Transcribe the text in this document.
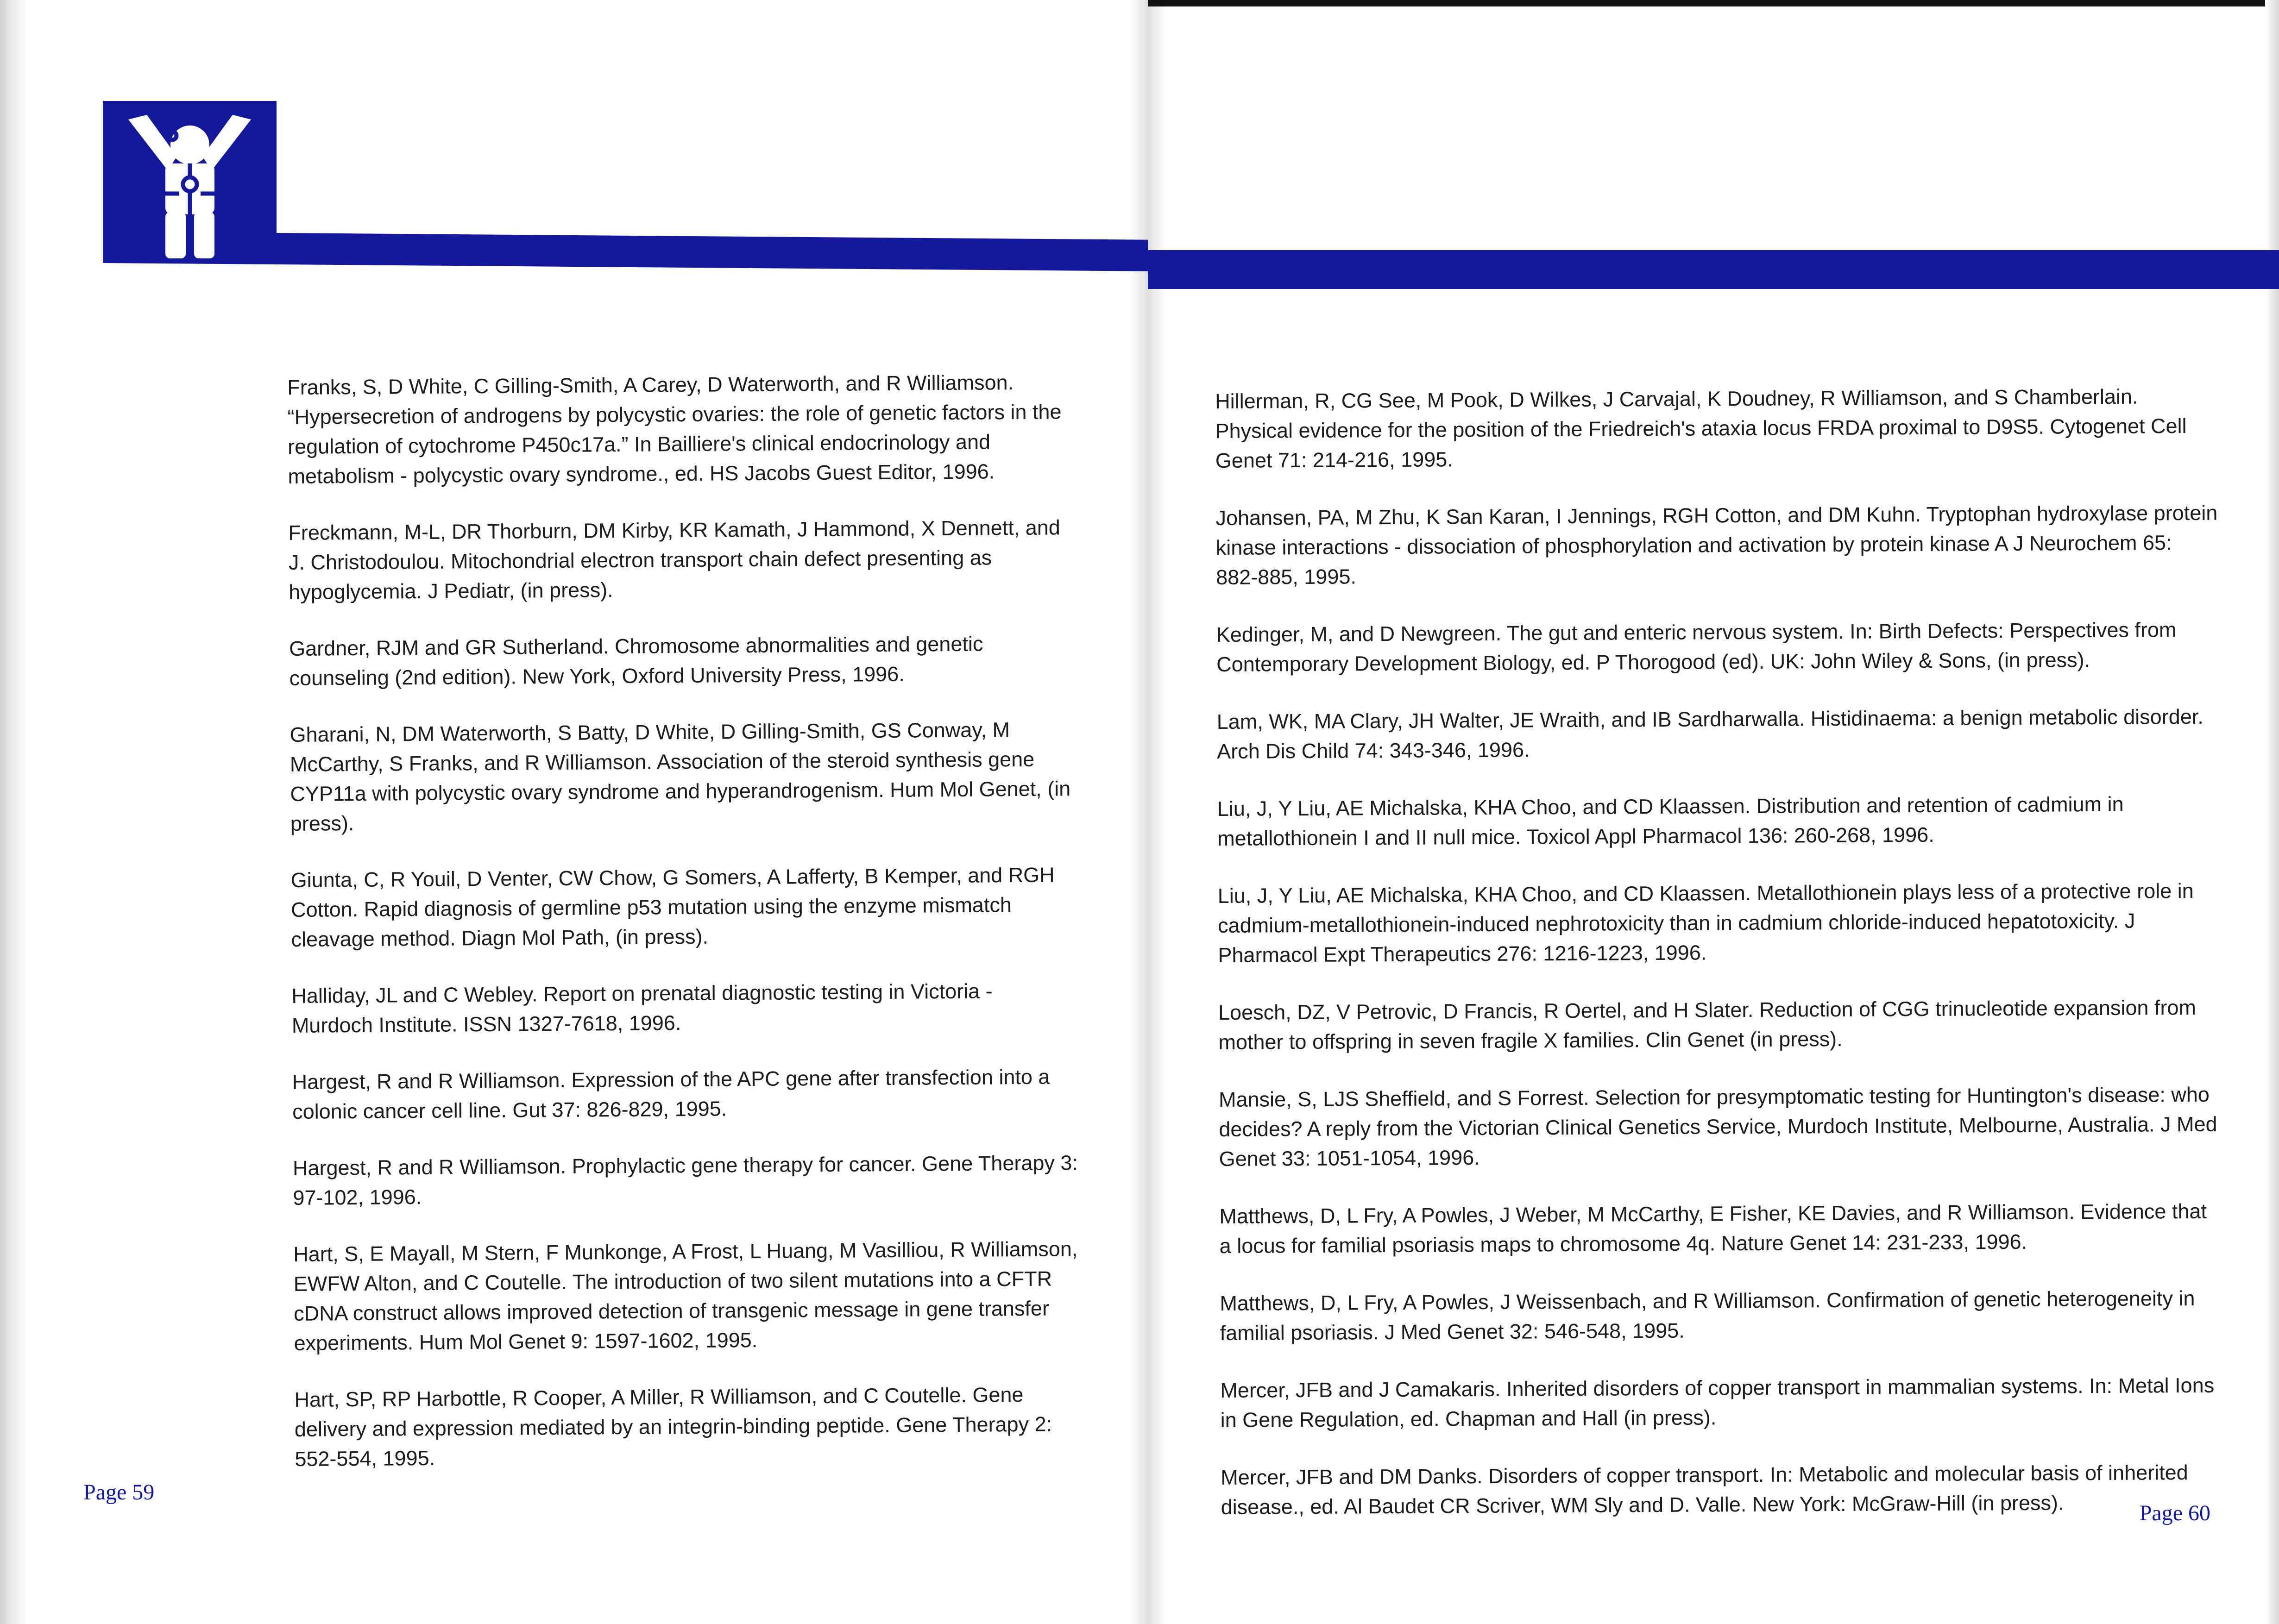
Franks, S, D White, C Gilling-Smith, A Carey, D Waterworth, and R Williamson. “Hypersecretion of androgens by polycystic ovaries: the role of genetic factors in the regulation of cytochrome P450c17a.” In Bailliere's clinical endocrinology and metabolism - polycystic ovary syndrome., ed. HS Jacobs Guest Editor, 1996.
Freckmann, M-L, DR Thorburn, DM Kirby, KR Kamath, J Hammond, X Dennett, and J. Christodoulou. Mitochondrial electron transport chain defect presenting as hypoglycemia. J Pediatr, (in press).
Gardner, RJM and GR Sutherland. Chromosome abnormalities and genetic counseling (2nd edition). New York, Oxford University Press, 1996.
Gharani, N, DM Waterworth, S Batty, D White, D Gilling-Smith, GS Conway, M McCarthy, S Franks, and R Williamson. Association of the steroid synthesis gene CYP11a with polycystic ovary syndrome and hyperandrogenism. Hum Mol Genet, (in press).
Giunta, C, R Youil, D Venter, CW Chow, G Somers, A Lafferty, B Kemper, and RGH Cotton. Rapid diagnosis of germline p53 mutation using the enzyme mismatch cleavage method. Diagn Mol Path, (in press).
Halliday, JL and C Webley. Report on prenatal diagnostic testing in Victoria - Murdoch Institute. ISSN 1327-7618, 1996.
Hargest, R and R Williamson. Expression of the APC gene after transfection into a colonic cancer cell line. Gut 37: 826-829, 1995.
Hargest, R and R Williamson. Prophylactic gene therapy for cancer. Gene Therapy 3: 97-102, 1996.
Hart, S, E Mayall, M Stern, F Munkonge, A Frost, L Huang, M Vasilliou, R Williamson, EWFW Alton, and C Coutelle. The introduction of two silent mutations into a CFTR cDNA construct allows improved detection of transgenic message in gene transfer experiments. Hum Mol Genet 9: 1597-1602, 1995.
Hart, SP, RP Harbottle, R Cooper, A Miller, R Williamson, and C Coutelle. Gene delivery and expression mediated by an integrin-binding peptide. Gene Therapy 2: 552-554, 1995.
Page 59
Hillerman, R, CG See, M Pook, D Wilkes, J Carvajal, K Doudney, R Williamson, and S Chamberlain. Physical evidence for the position of the Friedreich's ataxia locus FRDA proximal to D9S5. Cytogenet Cell Genet 71: 214-216, 1995.
Johansen, PA, M Zhu, K San Karan, I Jennings, RGH Cotton, and DM Kuhn. Tryptophan hydroxylase protein kinase interactions - dissociation of phosphorylation and activation by protein kinase A J Neurochem 65: 882-885, 1995.
Kedinger, M, and D Newgreen. The gut and enteric nervous system. In: Birth Defects: Perspectives from Contemporary Development Biology, ed. P Thorogood (ed). UK: John Wiley & Sons, (in press).
Lam, WK, MA Clary, JH Walter, JE Wraith, and IB Sardharwalla. Histidinaema: a benign metabolic disorder. Arch Dis Child 74: 343-346, 1996.
Liu, J, Y Liu, AE Michalska, KHA Choo, and CD Klaassen. Distribution and retention of cadmium in metallothionein I and II null mice. Toxicol Appl Pharmacol 136: 260-268, 1996.
Liu, J, Y Liu, AE Michalska, KHA Choo, and CD Klaassen. Metallothionein plays less of a protective role in cadmium-metallothionein-induced nephrotoxicity than in cadmium chloride-induced hepatotoxicity. J Pharmacol Expt Therapeutics 276: 1216-1223, 1996.
Loesch, DZ, V Petrovic, D Francis, R Oertel, and H Slater. Reduction of CGG trinucleotide expansion from mother to offspring in seven fragile X families. Clin Genet (in press).
Mansie, S, LJS Sheffield, and S Forrest. Selection for presymptomatic testing for Huntington's disease: who decides? A reply from the Victorian Clinical Genetics Service, Murdoch Institute, Melbourne, Australia. J Med Genet 33: 1051-1054, 1996.
Matthews, D, L Fry, A Powles, J Weber, M McCarthy, E Fisher, KE Davies, and R Williamson. Evidence that a locus for familial psoriasis maps to chromosome 4q. Nature Genet 14: 231-233, 1996.
Matthews, D, L Fry, A Powles, J Weissenbach, and R Williamson. Confirmation of genetic heterogeneity in familial psoriasis. J Med Genet 32: 546-548, 1995.
Mercer, JFB and J Camakaris. Inherited disorders of copper transport in mammalian systems. In: Metal Ions in Gene Regulation, ed. Chapman and Hall (in press).
Mercer, JFB and DM Danks. Disorders of copper transport. In: Metabolic and molecular basis of inherited disease., ed. Al Baudet CR Scriver, WM Sly and D. Valle. New York: McGraw-Hill (in press).	Page 60
